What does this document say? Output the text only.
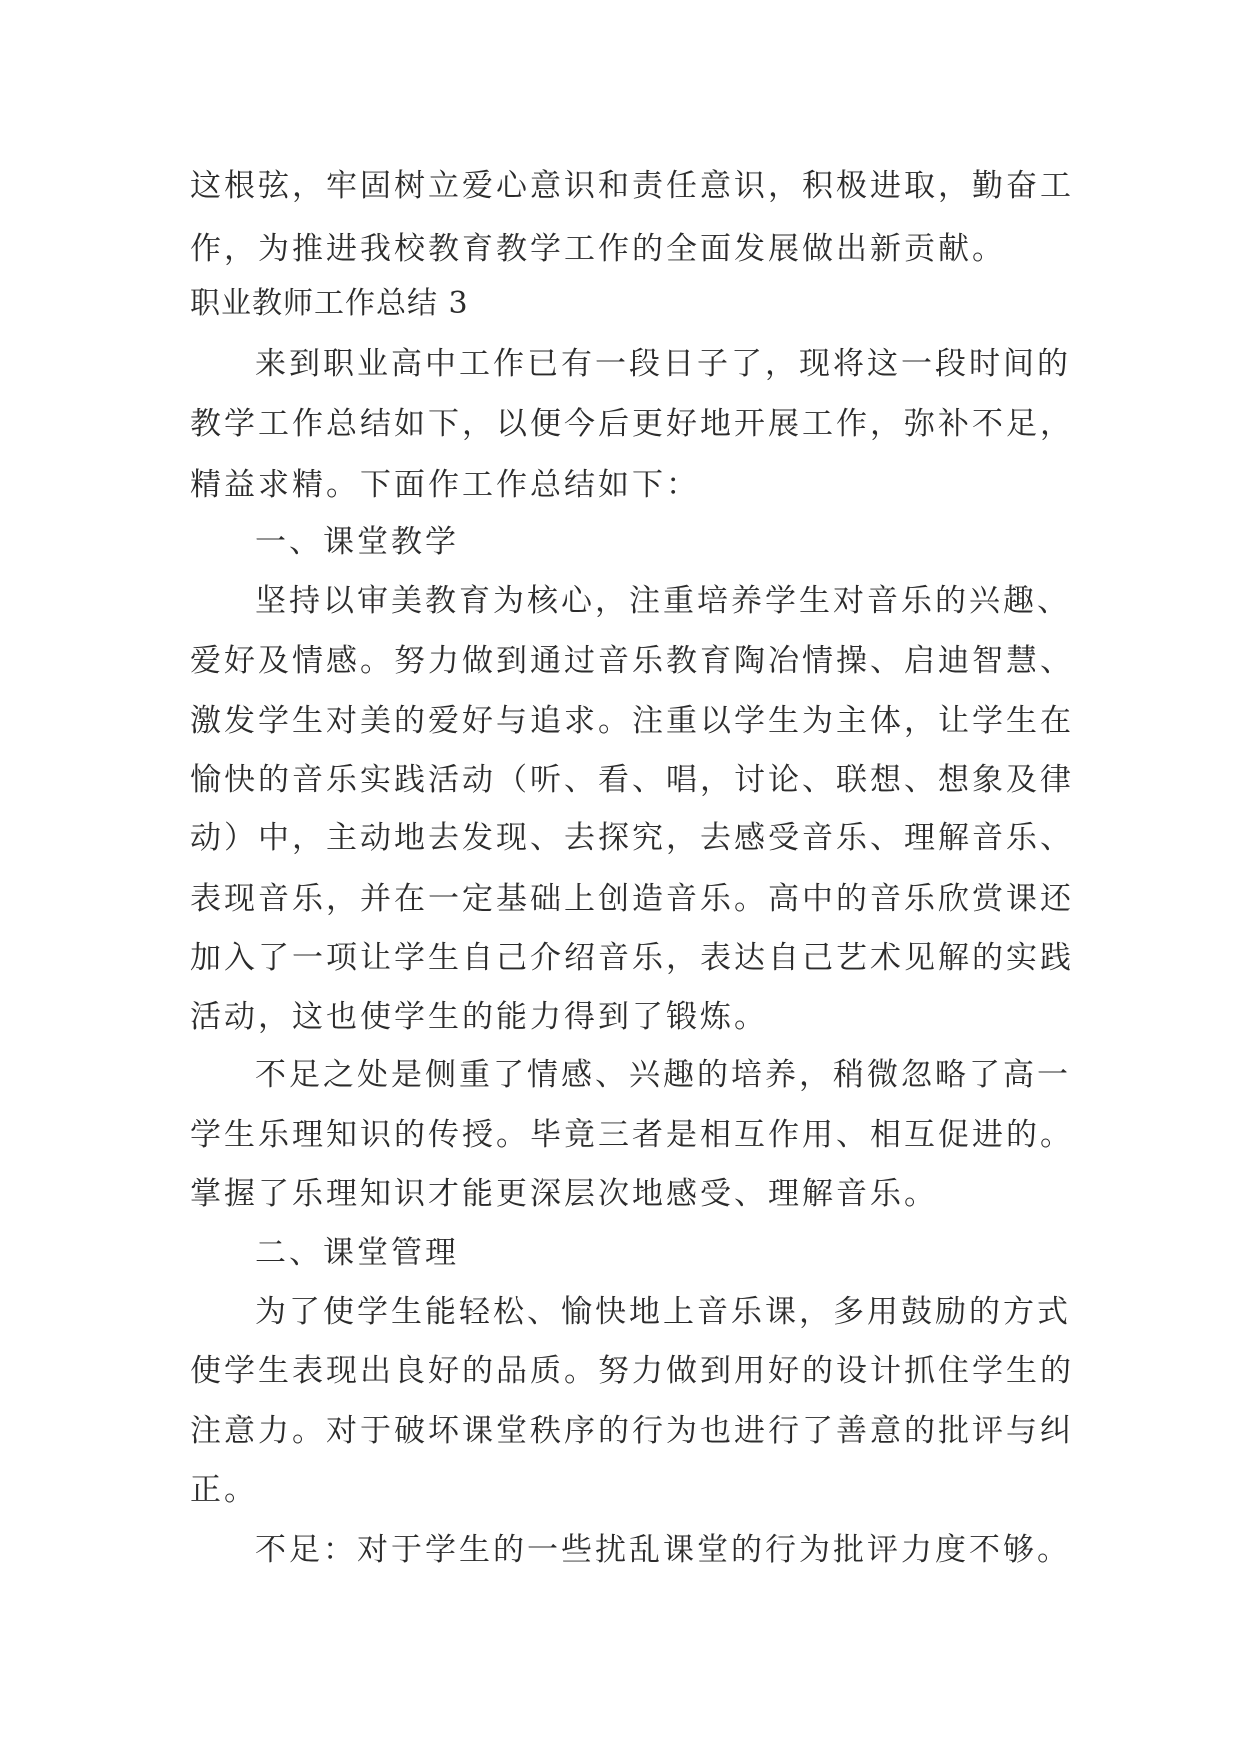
这根弦，牢固树立爱心意识和责任意识，积极进取，勤奋工

作，为推进我校教育教学工作的全面发展做出新贡献。

职业教师工作总结 3

来到职业高中工作已有一段日子了，现将这一段时间的

教学工作总结如下，以便今后更好地开展工作，弥补不足，

精益求精。下面作工作总结如下：

一、课堂教学

坚持以审美教育为核心，注重培养学生对音乐的兴趣、

爱好及情感。努力做到通过音乐教育陶冶情操、启迪智慧、

激发学生对美的爱好与追求。注重以学生为主体，让学生在

愉快的音乐实践活动（听、看、唱，讨论、联想、想象及律

动）中，主动地去发现、去探究，去感受音乐、理解音乐、

表现音乐，并在一定基础上创造音乐。高中的音乐欣赏课还

加入了一项让学生自己介绍音乐，表达自己艺术见解的实践

活动，这也使学生的能力得到了锻炼。

不足之处是侧重了情感、兴趣的培养，稍微忽略了高一

学生乐理知识的传授。毕竟三者是相互作用、相互促进的。

掌握了乐理知识才能更深层次地感受、理解音乐。

二、课堂管理

为了使学生能轻松、愉快地上音乐课，多用鼓励的方式

使学生表现出良好的品质。努力做到用好的设计抓住学生的

注意力。对于破坏课堂秩序的行为也进行了善意的批评与纠

正。

不足：对于学生的一些扰乱课堂的行为批评力度不够。
